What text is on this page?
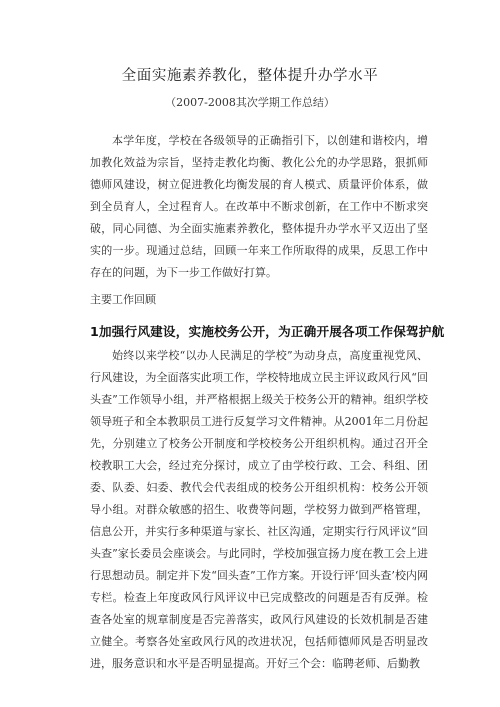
全面实施素养教化，整体提升办学水平
（2007-2008其次学期工作总结）
本学年度，学校在各级领导的正确指引下，以创建和谐校内，增加教化效益为宗旨，坚持走教化均衡、教化公允的办学思路，狠抓师德师风建设，树立促进教化均衡发展的育人模式、质量评价体系，做到全员育人，全过程育人。在改革中不断求创新，在工作中不断求突破，同心同德、为全面实施素养教化，整体提升办学水平又迈出了坚实的一步。现通过总结，回顾一年来工作所取得的成果，反思工作中存在的问题，为下一步工作做好打算。
主要工作回顾
1加强行风建设，实施校务公开，为正确开展各项工作保驾护航
始终以来学校“以办人民满足的学校”为动身点，高度重视党风、行风建设，为全面落实此项工作，学校特地成立民主评议政风行风“回头查”工作领导小组，并严格根据上级关于校务公开的精神。组织学校领导班子和全本教职员工进行反复学习文件精神。从2001年二月份起先，分别建立了校务公开制度和学校校务公开组织机构。通过召开全校教职工大会，经过充分探讨，成立了由学校行政、工会、科组、团委、队委、妇委、教代会代表组成的校务公开组织机构：校务公开领导小组。对群众敏感的招生、收费等问题，学校努力做到严格管理，信息公开，并实行多种渠道与家长、社区沟通，定期实行行风评议“回头查”家长委员会座谈会。与此同时，学校加强宣扬力度在教工会上进行思想动员。制定并下发“回头查”工作方案。开设行评‘回头查’校内网专栏。检查上年度政风行风评议中已完成整改的问题是否有反弹。检查各处室的规章制度是否完善落实，政风行风建设的长效机制是否建立健全。考察各处室政风行风的改进状况，包括师德师风是否明显改进，服务意识和水平是否明显提高。开好三个会：临聘老师、后勤教
